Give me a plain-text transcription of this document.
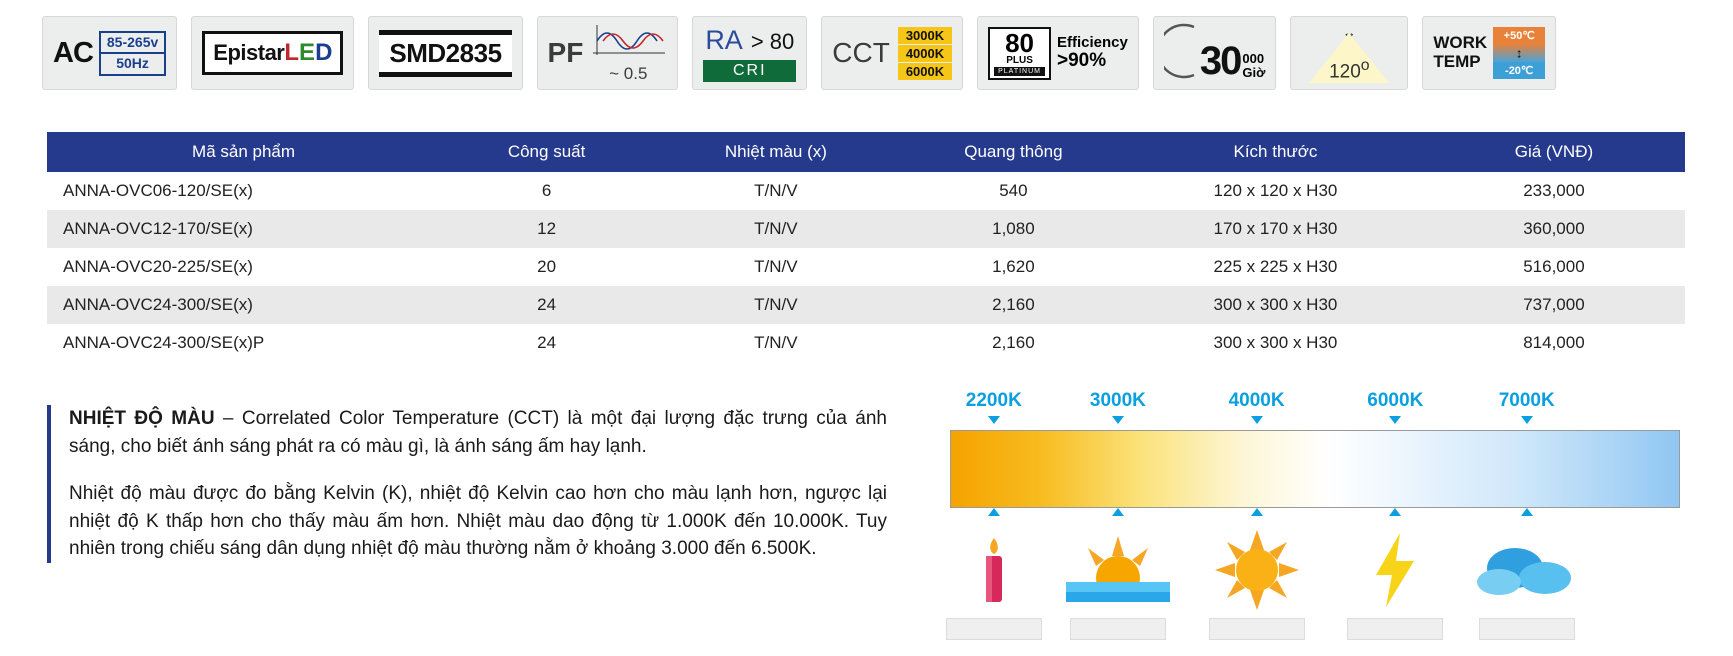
AC	85-265v
50Hz	Epistar L E D	SMD2835	PF
~ 0.5
RA > 80
CRI
CCT
3000K
4000K
6000K
80
PLUS
PLATINUM
Efficiency
>90%	30 000
Giờ
↔
120$^o$
WORK
TEMP
+50℃
↕
-20℃
Mã sản phẩm	Công suất	Nhiệt màu (x)	Quang thông	Kích thước	Giá (VNĐ)
ANNA-OVC06-120/SE(x)	6	T/N/V	540	120 x 120 x H30	233,000
ANNA-OVC12-170/SE(x)	12	T/N/V	1,080	170 x 170 x H30	360,000
ANNA-OVC20-225/SE(x)	20	T/N/V	1,620	225 x 225 x H30	516,000
ANNA-OVC24-300/SE(x)	24	T/N/V	2,160	300 x 300 x H30	737,000
ANNA-OVC24-300/SE(x)P	24	T/N/V	2,160	300 x 300 x H30	814,000

NHIỆT ĐỘ MÀU – Correlated Color Temperature (CCT) là một đại lượng đặc trưng của ánh sáng, cho biết ánh sáng phát ra có màu gì, là ánh sáng ấm hay lạnh.

Nhiệt độ màu được đo bằng Kelvin (K), nhiệt độ Kelvin cao hơn cho màu lạnh hơn, ngược lại nhiệt độ K thấp hơn cho thấy màu ấm hơn. Nhiệt màu dao động từ 1.000K đến 10.000K. Tuy nhiên trong chiếu sáng dân dụng nhiệt độ màu thường nằm ở khoảng 3.000 đến 6.500K.

2200K	3000K	4000K	6000K	7000K
